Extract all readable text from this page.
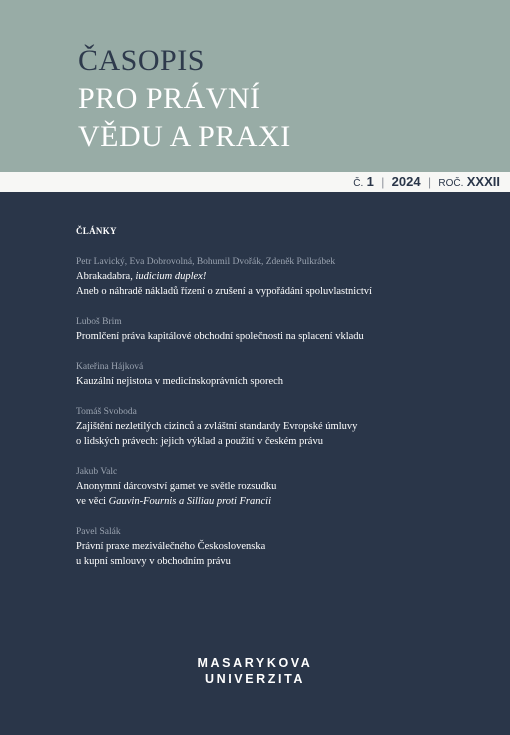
ČASOPIS
PRO PRÁVNÍ
VĚDU A PRAXI
Č. 1 | 2024 | ROČ. XXXII
ČLÁNKY
Petr Lavický, Eva Dobrovolná, Bohumil Dvořák, Zdeněk Pulkrábek
Abrakadabra, iudicium duplex!
Aneb o náhradě nákladů řízení o zrušení a vypořádání spoluvlastnictví
Luboš Brim
Promlčení práva kapitálové obchodní společnosti na splacení vkladu
Kateřina Hájková
Kauzální nejistota v medicínskoprávních sporech
Tomáš Svoboda
Zajištění nezletilých cizinců a zvláštní standardy Evropské úmluvy
o lidských právech: jejich výklad a použití v českém právu
Jakub Valc
Anonymní dárcovství gamet ve světle rozsudku
ve věci Gauvin-Fournis a Silliau proti Francii
Pavel Salák
Právní praxe meziválečného Československa
u kupní smlouvy v obchodním právu
MASARYKOVA
UNIVERZITA
